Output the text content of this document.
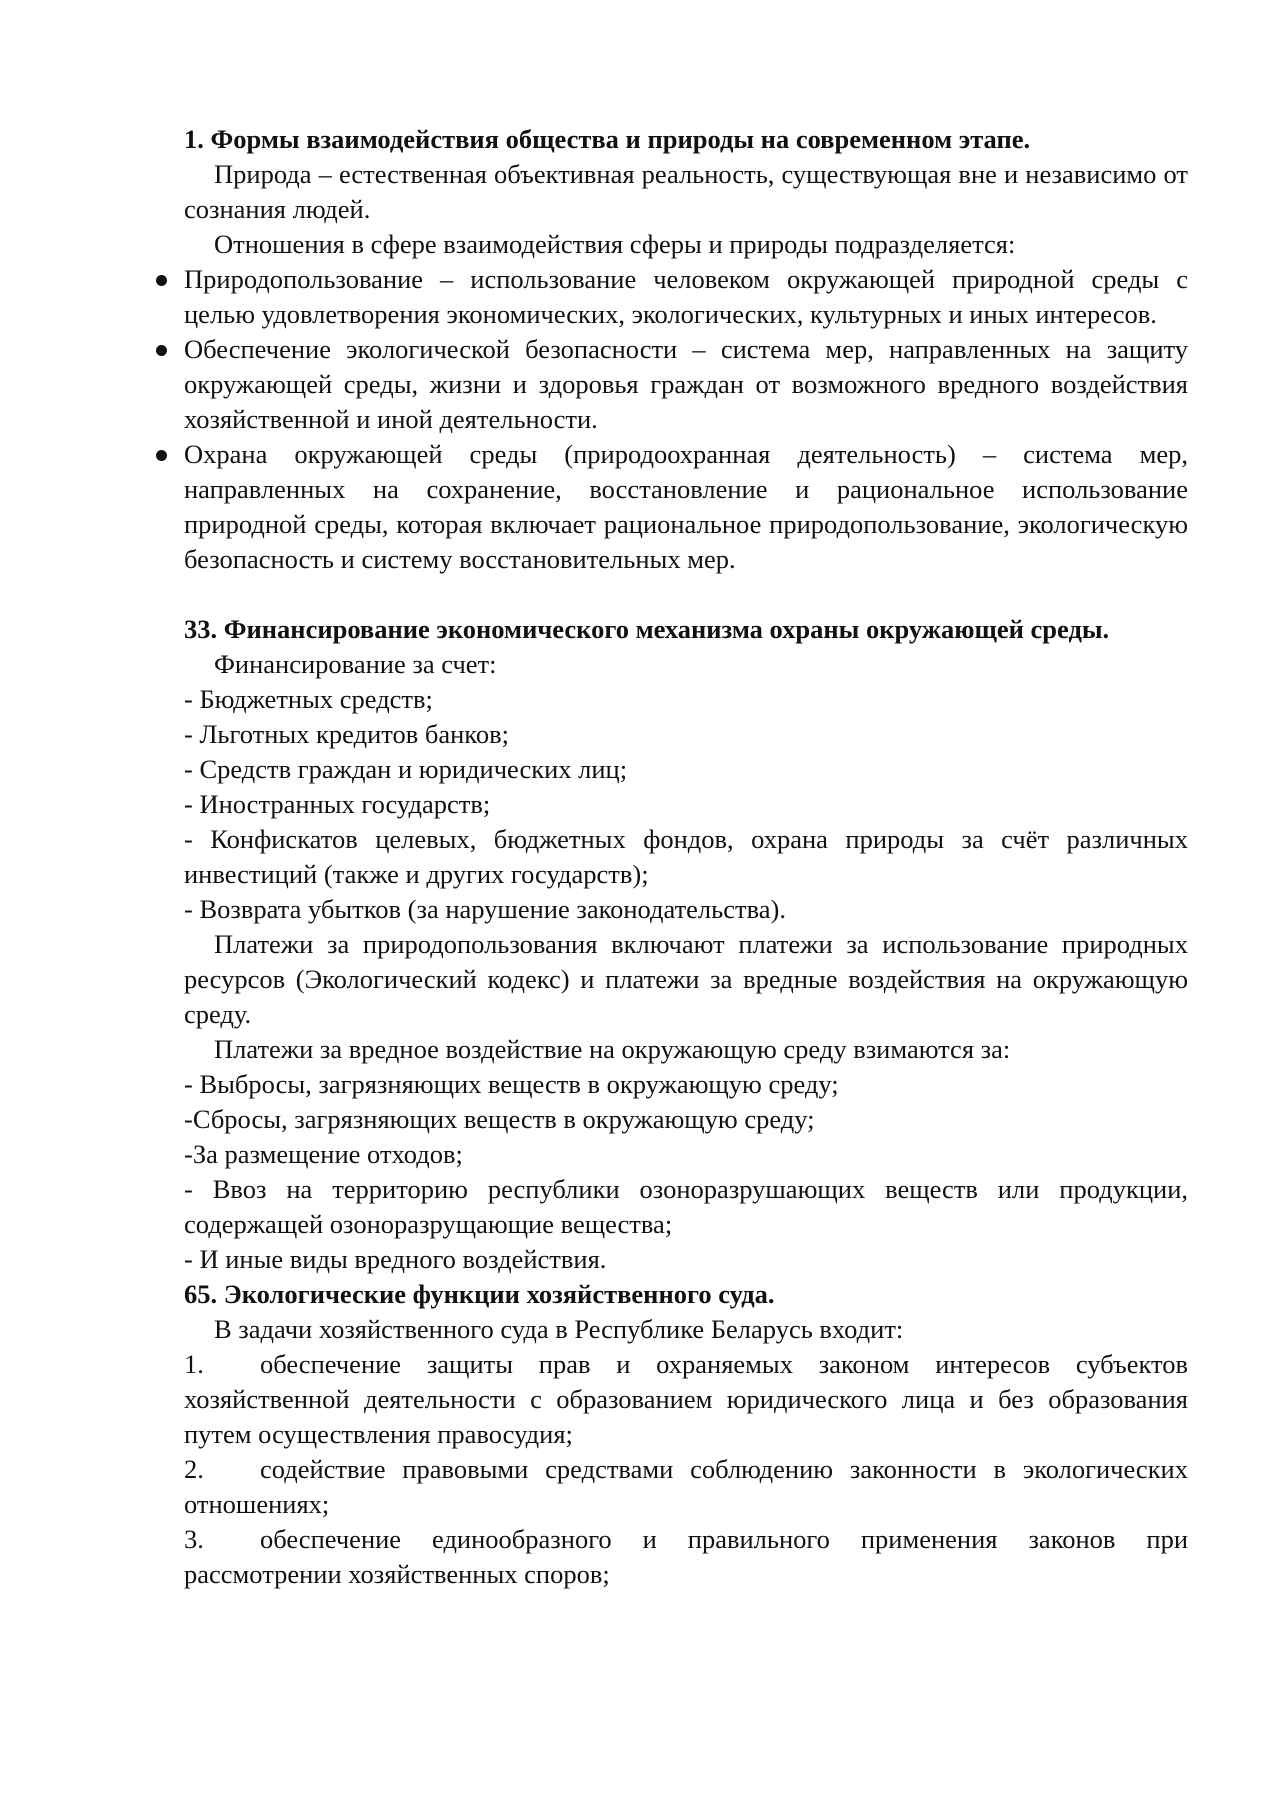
1. Формы взаимодействия общества и природы на современном этапе.
Природа – естественная объективная реальность, существующая вне и независимо от сознания людей.
Отношения в сфере взаимодействия сферы и природы подразделяется:
Природопользование – использование человеком окружающей природной среды с целью удовлетворения экономических, экологических, культурных и иных интересов.
Обеспечение экологической безопасности – система мер, направленных на защиту окружающей среды, жизни и здоровья граждан от возможного вредного воздействия хозяйственной и иной деятельности.
Охрана окружающей среды (природоохранная деятельность) – система мер, направленных на сохранение, восстановление и рациональное использование природной среды, которая включает рациональное природопользование, экологическую безопасность и систему восстановительных мер.
33. Финансирование экономического механизма охраны окружающей среды.
Финансирование за счет:
- Бюджетных средств;
- Льготных кредитов банков;
- Средств граждан и юридических лиц;
- Иностранных государств;
- Конфискатов целевых, бюджетных фондов, охрана природы за счёт различных инвестиций (также и других государств);
- Возврата убытков (за нарушение законодательства).
Платежи за природопользования включают платежи за использование природных ресурсов (Экологический кодекс) и платежи за вредные воздействия на окружающую среду.
Платежи за вредное воздействие на окружающую среду взимаются за:
- Выбросы, загрязняющих веществ в окружающую среду;
-Сбросы, загрязняющих веществ в окружающую среду;
-За размещение отходов;
- Ввоз на территорию республики озоноразрушающих веществ или продукции, содержащей озоноразрущающие вещества;
- И иные виды вредного воздействия.
65. Экологические функции хозяйственного суда.
В задачи хозяйственного суда в Республике Беларусь входит:
1. обеспечение защиты прав и охраняемых законом интересов субъектов хозяйственной деятельности с образованием юридического лица и без образования путем осуществления правосудия;
2. содействие правовыми средствами соблюдению законности в экологических отношениях;
3. обеспечение единообразного и правильного применения законов при рассмотрении хозяйственных споров;
